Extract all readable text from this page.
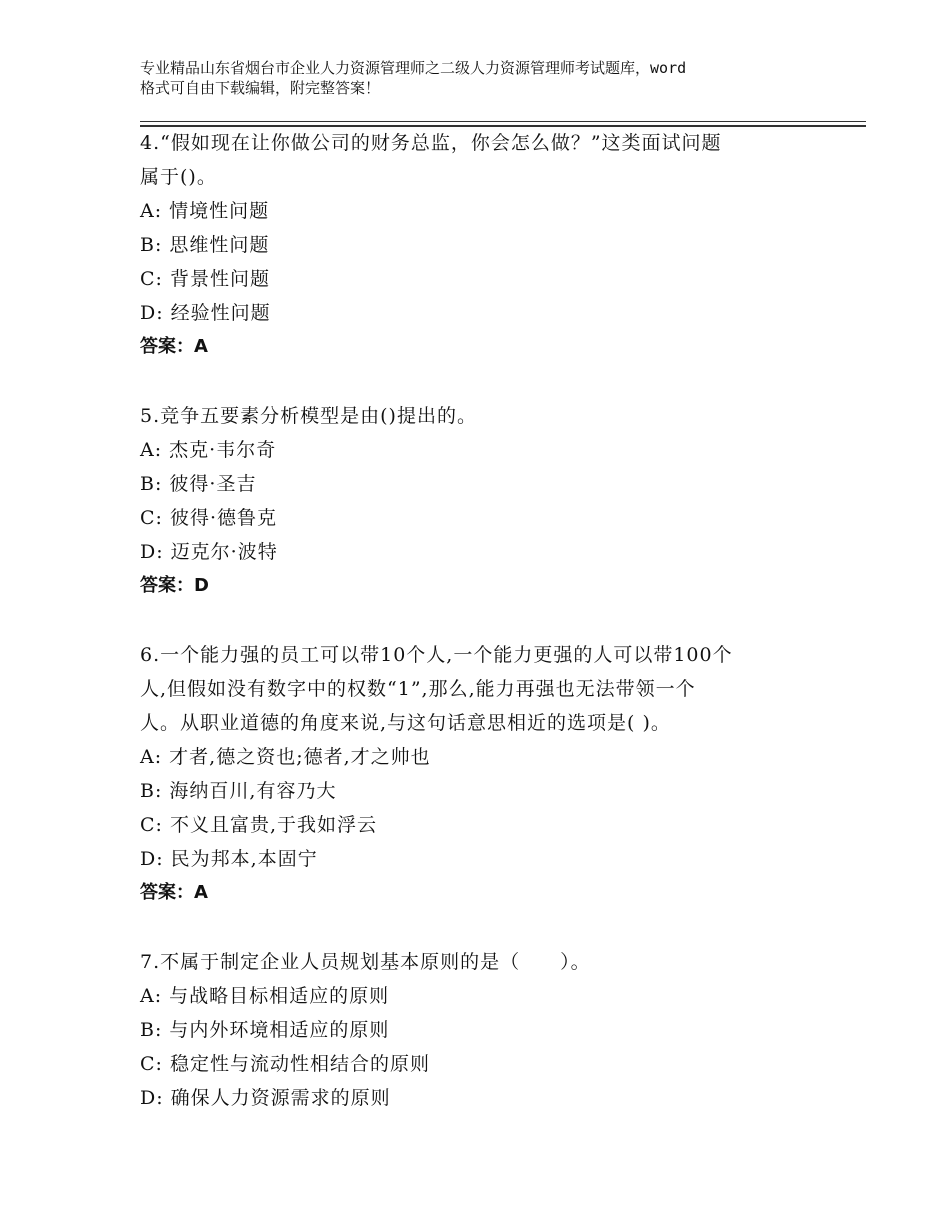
专业精品山东省烟台市企业人力资源管理师之二级人力资源管理师考试题库，word
格式可自由下载编辑，附完整答案！
4.“假如现在让你做公司的财务总监，你会怎么做？”这类面试问题
属于()。
A: 情境性问题
B: 思维性问题
C: 背景性问题
D: 经验性问题
答案：A
5.竞争五要素分析模型是由()提出的。
A: 杰克·韦尔奇
B: 彼得·圣吉
C: 彼得·德鲁克
D: 迈克尔·波特
答案：D
6.一个能力强的员工可以带10个人,一个能力更强的人可以带100个
人,但假如没有数字中的权数“1”,那么,能力再强也无法带领一个
人。从职业道德的角度来说,与这句话意思相近的选项是( )。
A: 才者,德之资也;德者,才之帅也
B: 海纳百川,有容乃大
C: 不义且富贵,于我如浮云
D: 民为邦本,本固宁
答案：A
7.不属于制定企业人员规划基本原则的是（　　）。
A: 与战略目标相适应的原则
B: 与内外环境相适应的原则
C: 稳定性与流动性相结合的原则
D: 确保人力资源需求的原则
